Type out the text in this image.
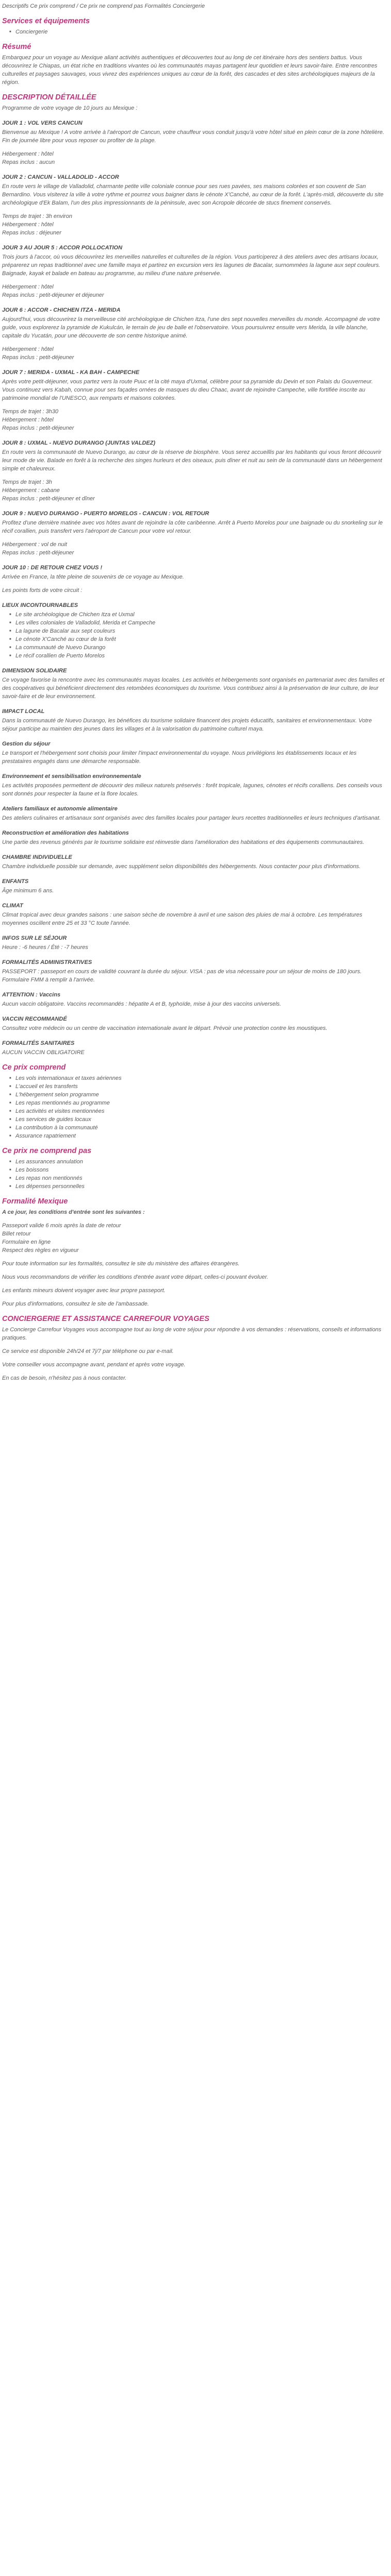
Descriptifs Ce prix comprend / Ce prix ne comprend pas Formalités Conciergerie

Services et équipements
■ Conciergerie
Résumé

Embarquez pour un voyage au Mexique aliant activités authentiques et découvertes tout au long de cet itinéraire hors des sentiers battus. Vous découvrirez le Chiapas, un état riche en traditions vivantes où les communautés mayas partagent leur quotidien et leurs savoir-faire. Entre rencontres culturelles et paysages sauvages, vous vivrez des expériences uniques au cœur de la forêt, des cascades et des sites archéologiques majeurs de la région.

DESCRIPTION DÉTAILLÉE

Programme de votre voyage de 10 jours au Mexique :

JOUR 1 : VOL VERS CANCUN

Bienvenue au Mexique ! A votre arrivée à l'aéroport de Cancun, votre chauffeur vous conduit jusqu'à votre hôtel situé en plein cœur de la zone hôtelière. Fin de journée libre pour vous reposer ou profiter de la plage.

Hébergement : hôtel

Repas inclus : aucun

JOUR 2 : CANCUN - VALLADOLID - ACCOR

En route vers le village de Valladolid, charmante petite ville coloniale connue pour ses rues pavées, ses maisons colorées et son couvent de San Bernardino. Vous visiterez la ville à votre rythme et pourrez vous baigner dans le cénote X'Canché, au cœur de la forêt. L'après-midi, découverte du site archéologique d'Ek Balam, l'un des plus impressionnants de la péninsule, avec son Acropole décorée de stucs finement conservés.

Temps de trajet : 3h environ

Hébergement : hôtel

Repas inclus : déjeuner

JOUR 3 AU JOUR 5 : ACCOR POLLOCATION

Trois jours à l'accor, où vous découvrirez les merveilles naturelles et culturelles de la région. Vous participerez à des ateliers avec des artisans locaux, préparerez un repas traditionnel avec une famille maya et partirez en excursion vers les lagunes de Bacalar, surnommées la lagune aux sept couleurs. Baignade, kayak et balade en bateau au programme, au milieu d'une nature préservée.

Hébergement : hôtel

Repas inclus : petit-déjeuner et déjeuner

JOUR 6 : ACCOR - CHICHEN ITZA - MERIDA

Aujourd'hui, vous découvrirez la merveilleuse cité archéologique de Chichen Itza, l'une des sept nouvelles merveilles du monde. Accompagné de votre guide, vous explorerez la pyramide de Kukulcán, le terrain de jeu de balle et l'observatoire. Vous poursuivrez ensuite vers Merida, la ville blanche, capitale du Yucatán, pour une découverte de son centre historique animé.

Hébergement : hôtel

Repas inclus : petit-déjeuner

JOUR 7 : MERIDA - UXMAL - KA BAH - CAMPECHE

Après votre petit-déjeuner, vous partez vers la route Puuc et la cité maya d'Uxmal, célèbre pour sa pyramide du Devin et son Palais du Gouverneur. Vous continuez vers Kabah, connue pour ses façades ornées de masques du dieu Chaac, avant de rejoindre Campeche, ville fortifiée inscrite au patrimoine mondial de l'UNESCO, aux remparts et maisons colorées.

Temps de trajet : 3h30

Hébergement : hôtel

Repas inclus : petit-déjeuner

JOUR 8 : UXMAL - NUEVO DURANGO (JUNTAS VALDEZ)

En route vers la communauté de Nuevo Durango, au cœur de la réserve de biosphère. Vous serez accueillis par les habitants qui vous feront découvrir leur mode de vie. Balade en forêt à la recherche des singes hurleurs et des oiseaux, puis dîner et nuit au sein de la communauté dans un hébergement simple et chaleureux.

Temps de trajet : 3h

Hébergement : cabane

Repas inclus : petit-déjeuner et dîner

JOUR 9 : NUEVO DURANGO - PUERTO MORELOS - CANCUN : VOL RETOUR

Profitez d'une dernière matinée avec vos hôtes avant de rejoindre la côte caribéenne. Arrêt à Puerto Morelos pour une baignade ou du snorkeling sur le récif corallien, puis transfert vers l'aéroport de Cancun pour votre vol retour.

Hébergement : vol de nuit

Repas inclus : petit-déjeuner

JOUR 10 : DE RETOUR CHEZ VOUS !

Arrivée en France, la tête pleine de souvenirs de ce voyage au Mexique.

Les points forts de votre circuit :

LIEUX INCONTOURNABLES
■ Le site archéologique de Chichen Itza et Uxmal
■ Les villes coloniales de Valladolid, Merida et Campeche
■ La lagune de Bacalar aux sept couleurs
■ Le cénote X'Canché au cœur de la forêt
■ La communauté de Nuevo Durango
■ Le récif corallien de Puerto Morelos
DIMENSION SOLIDAIRE

Ce voyage favorise la rencontre avec les communautés mayas locales. Les activités et hébergements sont organisés en partenariat avec des familles et des coopératives qui bénéficient directement des retombées économiques du tourisme. Vous contribuez ainsi à la préservation de leur culture, de leur savoir-faire et de leur environnement.

IMPACT LOCAL

Dans la communauté de Nuevo Durango, les bénéfices du tourisme solidaire financent des projets éducatifs, sanitaires et environnementaux. Votre séjour participe au maintien des jeunes dans les villages et à la valorisation du patrimoine culturel maya.

Gestion du séjour

Le transport et l'hébergement sont choisis pour limiter l'impact environnemental du voyage. Nous privilégions les établissements locaux et les prestataires engagés dans une démarche responsable.

Environnement et sensibilisation environnementale

Les activités proposées permettent de découvrir des milieux naturels préservés : forêt tropicale, lagunes, cénotes et récifs coralliens. Des conseils vous sont donnés pour respecter la faune et la flore locales.

Ateliers familiaux et autonomie alimentaire

Des ateliers culinaires et artisanaux sont organisés avec des familles locales pour partager leurs recettes traditionnelles et leurs techniques d'artisanat.

Reconstruction et amélioration des habitations

Une partie des revenus générés par le tourisme solidaire est réinvestie dans l'amélioration des habitations et des équipements communautaires.

CHAMBRE INDIVIDUELLE

Chambre individuelle possible sur demande, avec supplément selon disponibilités des hébergements. Nous contacter pour plus d'informations.

ENFANTS

Âge minimum 6 ans.

CLIMAT

Climat tropical avec deux grandes saisons : une saison sèche de novembre à avril et une saison des pluies de mai à octobre. Les températures moyennes oscillent entre 25 et 33 °C toute l'année.

INFOS SUR LE SÉJOUR

Heure : -6 heures / Été : -7 heures

FORMALITÉS ADMINISTRATIVES

PASSEPORT : passeport en cours de validité couvrant la durée du séjour. VISA : pas de visa nécessaire pour un séjour de moins de 180 jours. Formulaire FMM à remplir à l'arrivée.

ATTENTION : Vaccins

Aucun vaccin obligatoire. Vaccins recommandés : hépatite A et B, typhoïde, mise à jour des vaccins universels.

VACCIN RECOMMANDÉ

Consultez votre médecin ou un centre de vaccination internationale avant le départ. Prévoir une protection contre les moustiques.

FORMALITÉS SANITAIRES

AUCUN VACCIN OBLIGATOIRE

Ce prix comprend
■ Les vols internationaux et taxes aériennes
■ L'accueil et les transferts
■ L'hébergement selon programme
■ Les repas mentionnés au programme
■ Les activités et visites mentionnées
■ Les services de guides locaux
■ La contribution à la communauté
■ Assurance rapatriement
Ce prix ne comprend pas
■ Les assurances annulation
■ Les boissons
■ Les repas non mentionnés
■ Les dépenses personnelles
Formalité Mexique

A ce jour, les conditions d'entrée sont les suivantes :

Passeport valide 6 mois après la date de retour

Billet retour

Formulaire en ligne

Respect des règles en vigueur

Pour toute information sur les formalités, consultez le site du ministère des affaires étrangères.

Nous vous recommandons de vérifier les conditions d'entrée avant votre départ, celles-ci pouvant évoluer.

Les enfants mineurs doivent voyager avec leur propre passeport.

Pour plus d'informations, consultez le site de l'ambassade.

CONCIERGERIE ET ASSISTANCE CARREFOUR VOYAGES

Le Concierge Carrefour Voyages vous accompagne tout au long de votre séjour pour répondre à vos demandes : réservations, conseils et informations pratiques.

Ce service est disponible 24h/24 et 7j/7 par téléphone ou par e-mail.

Votre conseiller vous accompagne avant, pendant et après votre voyage.

En cas de besoin, n'hésitez pas à nous contacter.
